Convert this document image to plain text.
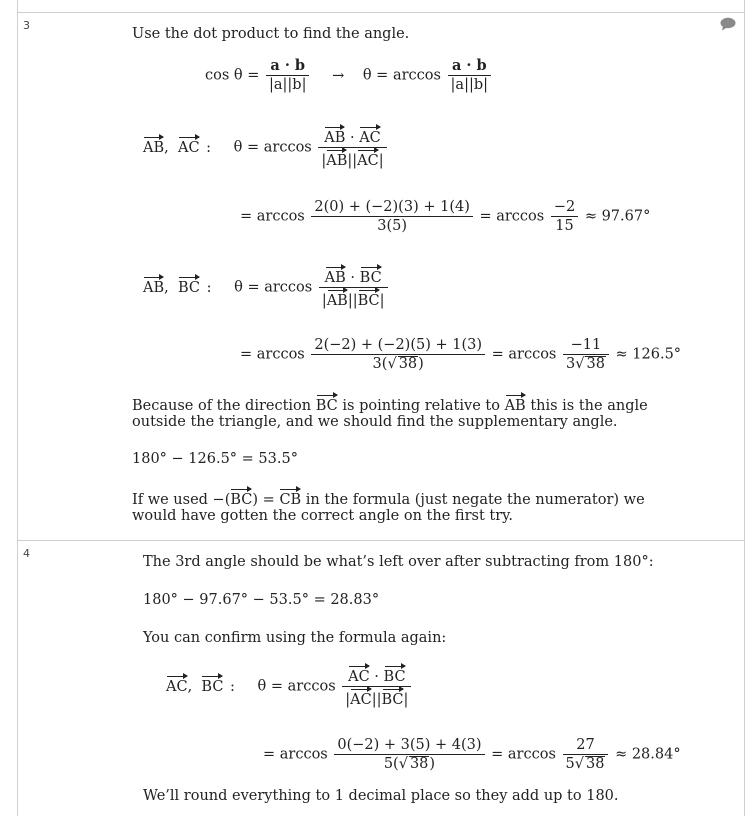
3
Use the dot product to find the angle.
$\cos \theta = \frac{a \cdot b}{|a||b|} \to \theta = \arccos \frac{a \cdot b}{|a||b|}$
AB,  AC : $\theta = \arccos \frac{AB \cdot AC}{|AB||AC|}$
= $\arccos \frac{2(0) + (-2)(3) + 1(4)}{3(5)} = \arccos \frac{-2}{15} \approx 97.67^\circ$
AB,  BC : $\theta = \arccos \frac{AB \cdot BC}{|AB||BC|}$
= $\arccos \frac{2(-2) + (-2)(5) + 1(3)}{3(√ 38)} = \arccos \frac{-11}{3√ 38} \approx 126.5^\circ$
Because of the direction BC is pointing relative to AB this is the angle
outside the triangle, and we should find the supplementary angle.
180° − 126.5° = 53.5°
If we used −(BC) = CB in the formula (just negate the numerator) we
would have gotten the correct angle on the first try.
4
The 3rd angle should be what’s left over after subtracting from 180°:
180° − 97.67° − 53.5° = 28.83°
You can confirm using the formula again:
AC,  BC : $\theta = \arccos \frac{AC \cdot BC}{|AC||BC|}$
= $\arccos \frac{0(-2) + 3(5) + 4(3)}{5(√ 38)} = \arccos \frac{27}{5√ 38} \approx 28.84^\circ$
We’ll round everything to 1 decimal place so they add up to 180.
